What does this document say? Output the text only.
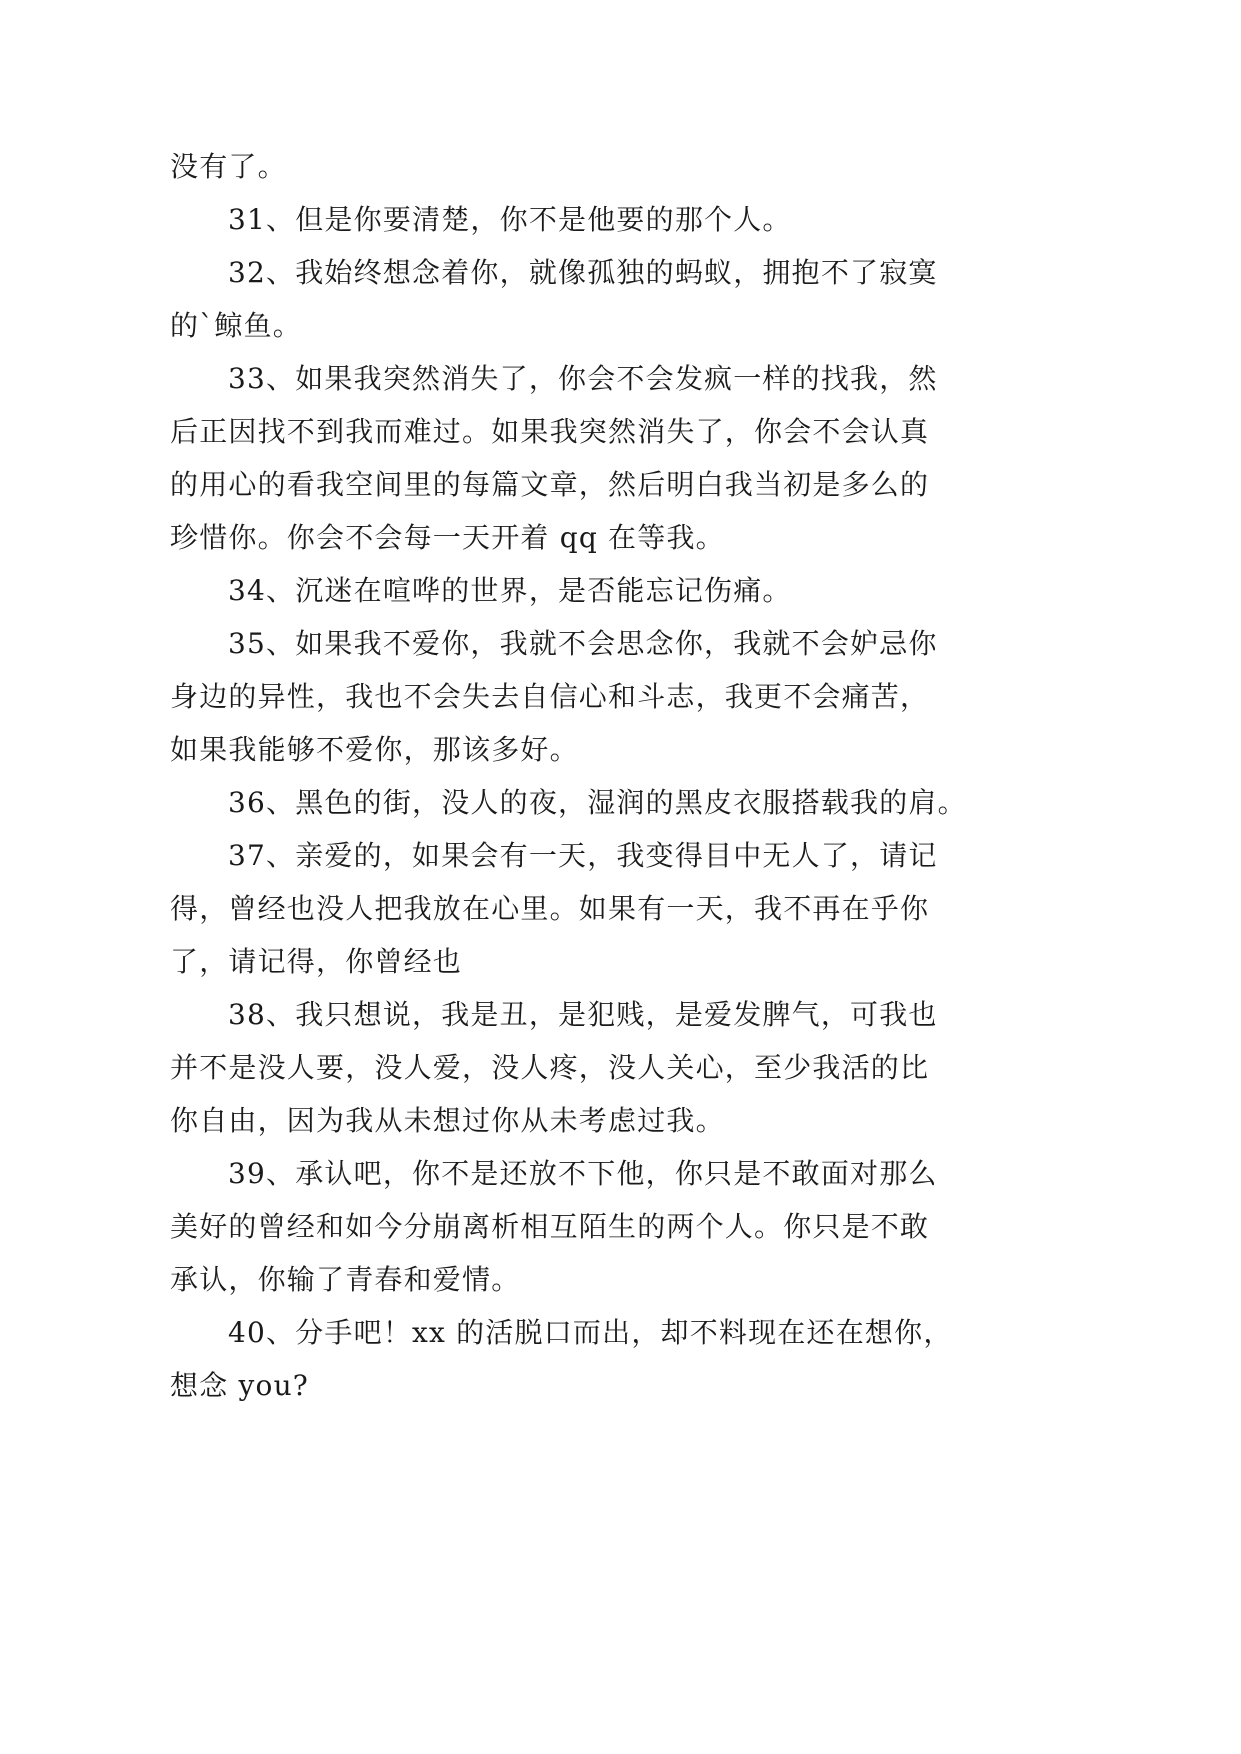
没有了。
31、但是你要清楚，你不是他要的那个人。
32、我始终想念着你，就像孤独的蚂蚁，拥抱不了寂寞
的`鲸鱼。
33、如果我突然消失了，你会不会发疯一样的找我，然
后正因找不到我而难过。如果我突然消失了，你会不会认真
的用心的看我空间里的每篇文章，然后明白我当初是多么的
珍惜你。你会不会每一天开着 qq 在等我。
34、沉迷在喧哗的世界，是否能忘记伤痛。
35、如果我不爱你，我就不会思念你，我就不会妒忌你
身边的异性，我也不会失去自信心和斗志，我更不会痛苦，
如果我能够不爱你，那该多好。
36、黑色的街，没人的夜，湿润的黑皮衣服搭载我的肩。
37、亲爱的，如果会有一天，我变得目中无人了，请记
得，曾经也没人把我放在心里。如果有一天，我不再在乎你
了，请记得，你曾经也
38、我只想说，我是丑，是犯贱，是爱发脾气，可我也
并不是没人要，没人爱，没人疼，没人关心，至少我活的比
你自由，因为我从未想过你从未考虑过我。
39、承认吧，你不是还放不下他，你只是不敢面对那么
美好的曾经和如今分崩离析相互陌生的两个人。你只是不敢
承认，你输了青春和爱情。
40、分手吧！xx 的活脱口而出，却不料现在还在想你，
想念 you?
